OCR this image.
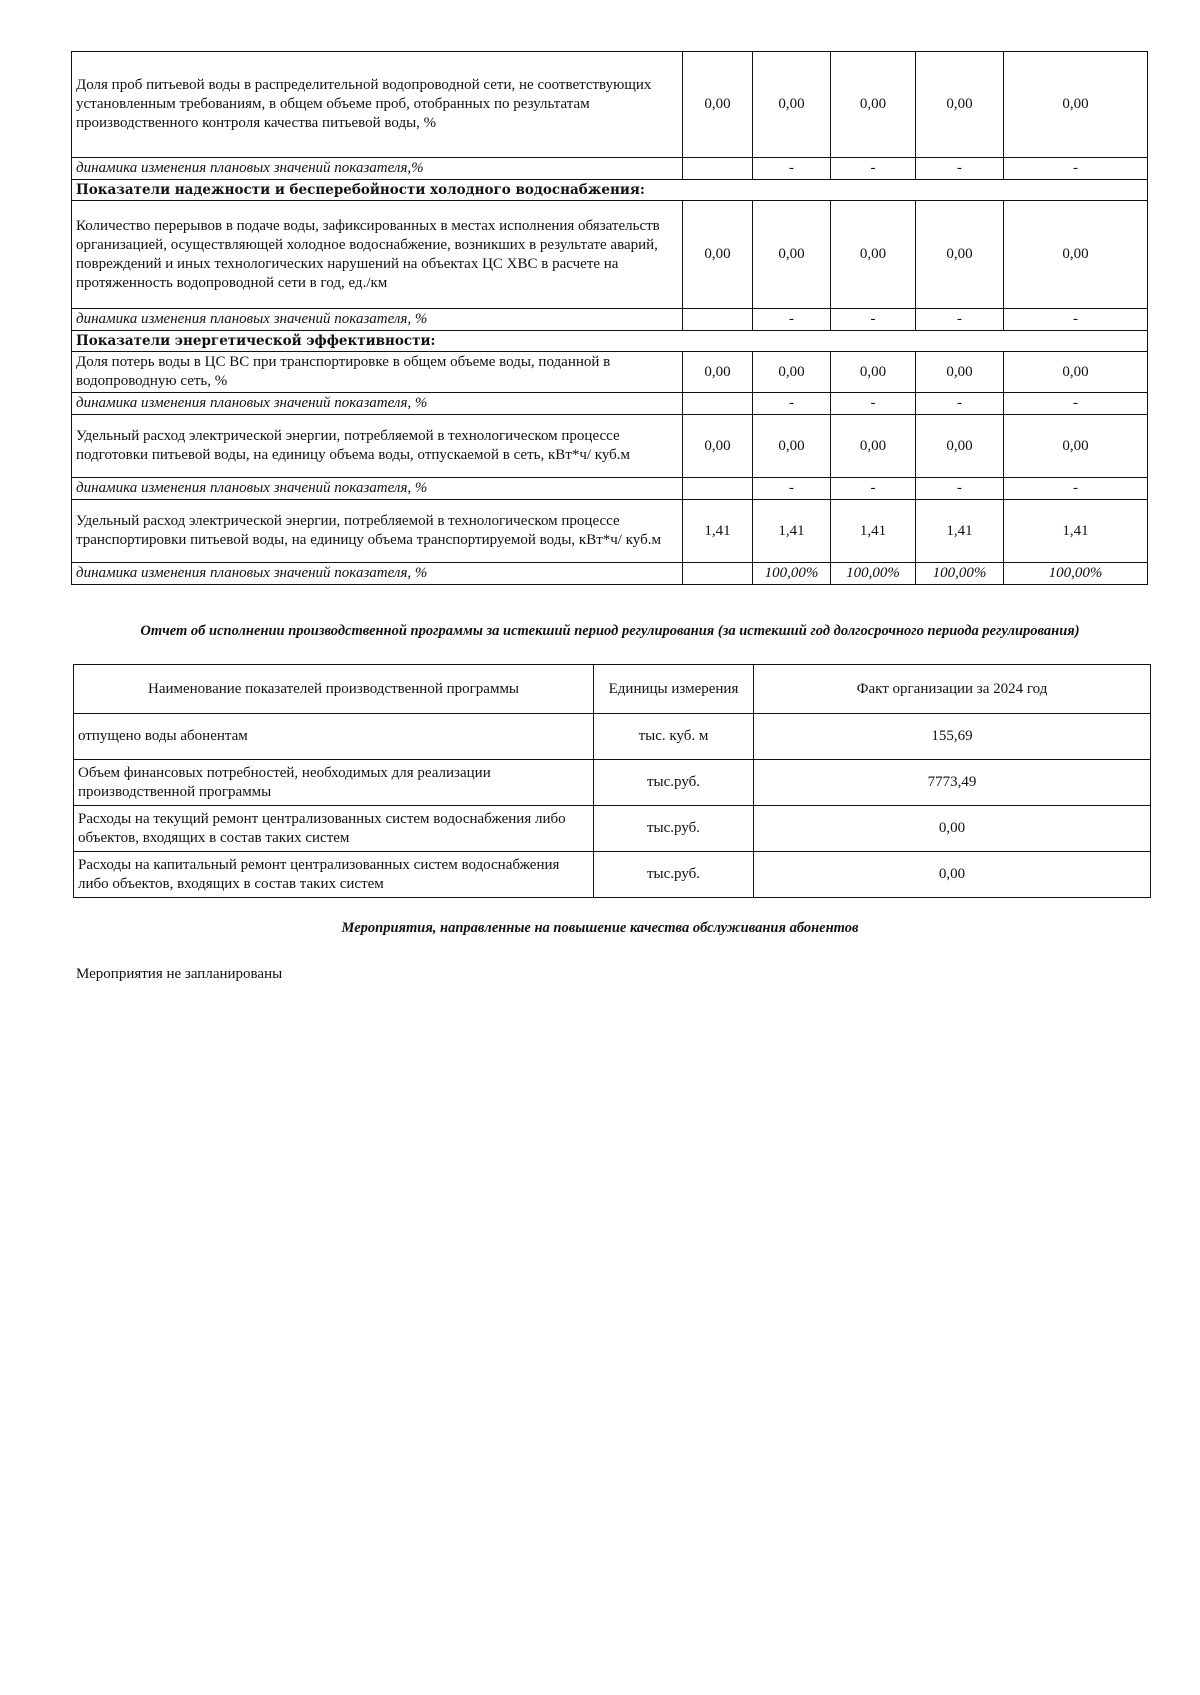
Доля проб питьевой воды в распределительной водопроводной сети, не соответствующих установленным требованиям, в общем объеме проб, отобранных по результатам производственного контроля качества питьевой воды, %	0,00	0,00	0,00	0,00	0,00
динамика изменения плановых значений показателя,%		-	-	-	-
Показатели надежности и бесперебойности холодного водоснабжения:					
Количество перерывов в подаче воды, зафиксированных в местах исполнения обязательств организацией, осуществляющей холодное водоснабжение, возникших в результате аварий, повреждений и иных технологических нарушений на объектах ЦС ХВС в расчете на протяженность водопроводной сети в год, ед./км	0,00	0,00	0,00	0,00	0,00
динамика изменения плановых значений показателя, %		-	-	-	-
Показатели энергетической эффективности:					
Доля потерь воды в ЦС ВС при транспортировке в общем объеме воды, поданной в водопроводную сеть, %	0,00	0,00	0,00	0,00	0,00
динамика изменения плановых значений показателя, %		-	-	-	-
Удельный расход электрической энергии, потребляемой в технологическом процессе подготовки питьевой воды, на единицу объема воды, отпускаемой в сеть, кВт*ч/ куб.м	0,00	0,00	0,00	0,00	0,00
динамика изменения плановых значений показателя, %		-	-	-	-
Удельный расход электрической энергии, потребляемой в технологическом процессе транспортировки питьевой воды, на единицу объема транспортируемой воды, кВт*ч/ куб.м	1,41	1,41	1,41	1,41	1,41
динамика изменения плановых значений показателя, %		100,00%	100,00%	100,00%	100,00%
Отчет об исполнении производственной программы за истекший период регулирования (за истекший год долгосрочного периода регулирования)
Наименование показателей производственной программы	Единицы измерения	Факт организации за 2024 год
отпущено воды абонентам	тыс. куб. м	155,69
Объем финансовых потребностей, необходимых для реализации производственной программы	тыс.руб.	7773,49
Расходы на текущий ремонт централизованных систем водоснабжения либо объектов, входящих в состав таких систем	тыс.руб.	0,00
Расходы на капитальный ремонт централизованных систем водоснабжения либо объектов, входящих в состав таких систем	тыс.руб.	0,00
Мероприятия, направленные на повышение качества обслуживания абонентов
Мероприятия не запланированы
